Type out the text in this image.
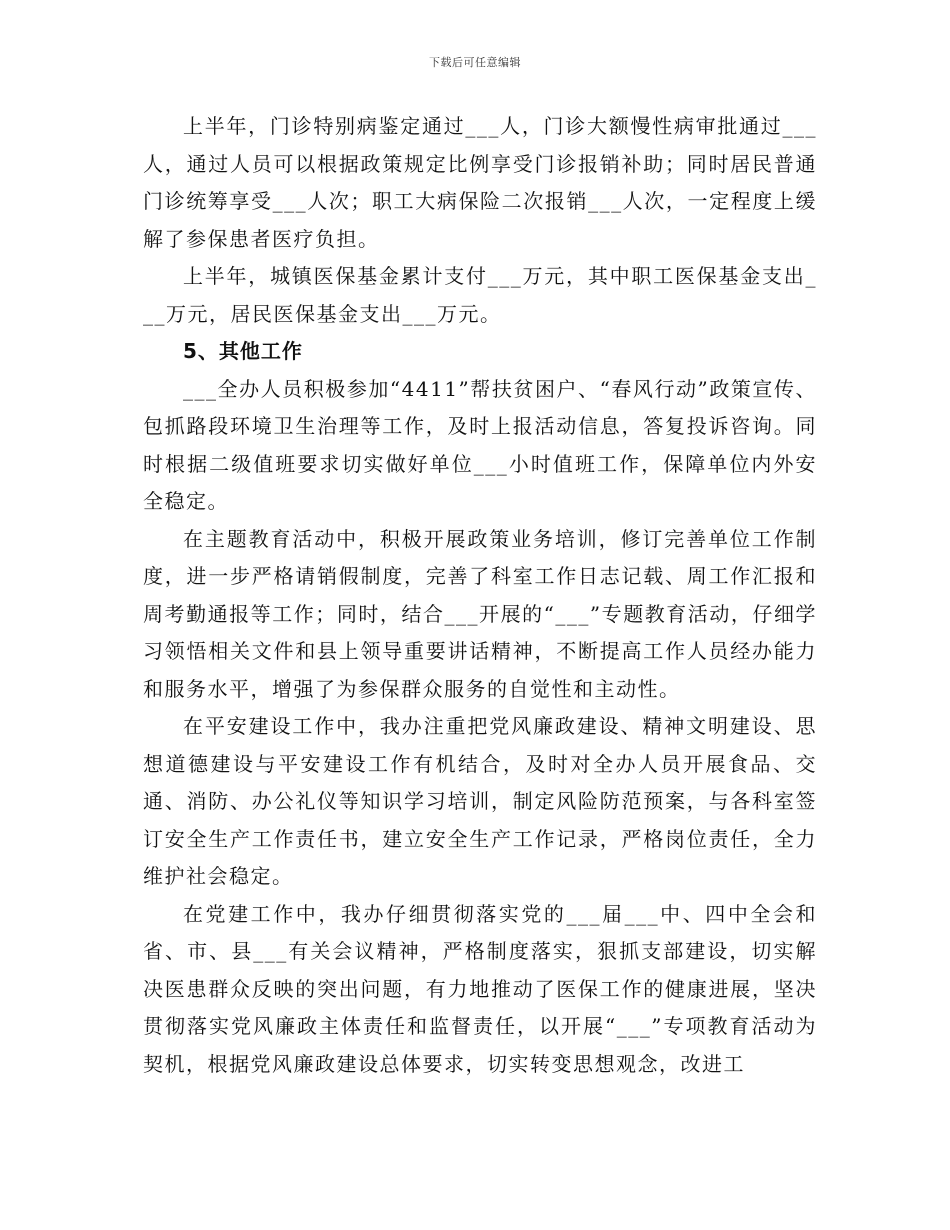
下载后可任意编辑

上半年，门诊特别病鉴定通过___人，门诊大额慢性病审批通过___人，通过人员可以根据政策规定比例享受门诊报销补助；同时居民普通门诊统筹享受___人次；职工大病保险二次报销___人次，一定程度上缓解了参保患者医疗负担。

上半年，城镇医保基金累计支付___万元，其中职工医保基金支出___万元，居民医保基金支出___万元。

5、其他工作

___全办人员积极参加“4411”帮扶贫困户、“春风行动”政策宣传、包抓路段环境卫生治理等工作，及时上报活动信息，答复投诉咨询。同时根据二级值班要求切实做好单位___小时值班工作，保障单位内外安全稳定。

在主题教育活动中，积极开展政策业务培训，修订完善单位工作制度，进一步严格请销假制度，完善了科室工作日志记载、周工作汇报和周考勤通报等工作；同时，结合___开展的“___”专题教育活动，仔细学习领悟相关文件和县上领导重要讲话精神，不断提高工作人员经办能力和服务水平，增强了为参保群众服务的自觉性和主动性。

在平安建设工作中，我办注重把党风廉政建设、精神文明建设、思想道德建设与平安建设工作有机结合，及时对全办人员开展食品、交通、消防、办公礼仪等知识学习培训，制定风险防范预案，与各科室签订安全生产工作责任书，建立安全生产工作记录，严格岗位责任，全力维护社会稳定。

在党建工作中，我办仔细贯彻落实党的___届___中、四中全会和省、市、县___有关会议精神，严格制度落实，狠抓支部建设，切实解决医患群众反映的突出问题，有力地推动了医保工作的健康进展，坚决贯彻落实党风廉政主体责任和监督责任，以开展“___”专项教育活动为契机，根据党风廉政建设总体要求，切实转变思想观念，改进工
